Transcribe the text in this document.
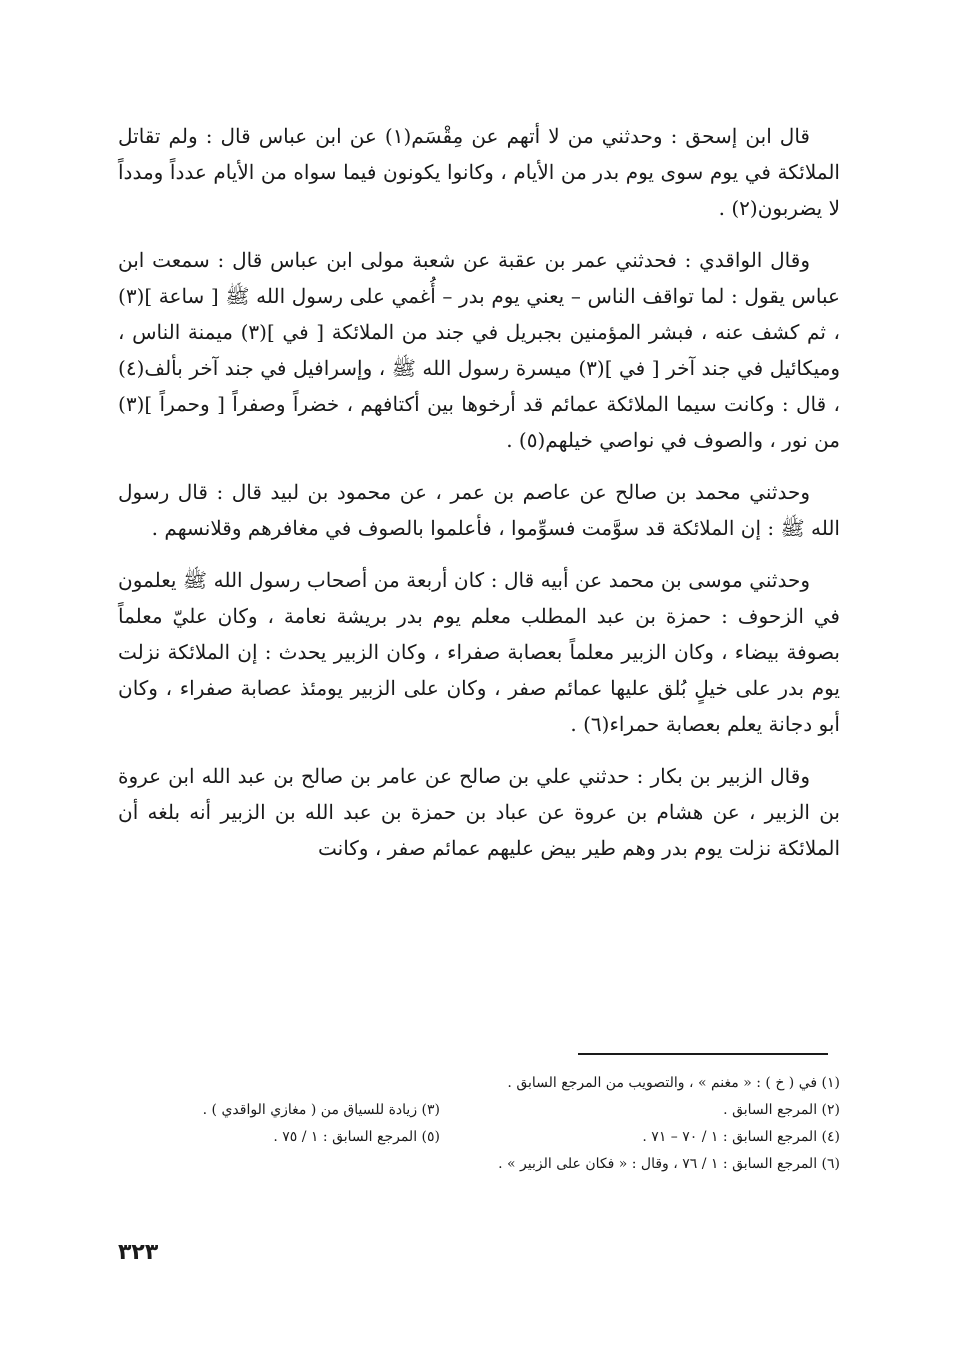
قال ابن إسحق : وحدثني من لا أتهم عن مِقْسَم(١) عن ابن عباس قال : ولم تقاتل الملائكة في يوم سوى يوم بدر من الأيام ، وكانوا يكونون فيما سواه من الأيام عدداً ومدداً لا يضربون(٢) .

وقال الواقدي : فحدثني عمر بن عقبة عن شعبة مولى ابن عباس قال : سمعت ابن عباس يقول : لما تواقف الناس – يعني يوم بدر – أُغمي على رسول الله ﷺ [ ساعة ](٣) ، ثم كشف عنه ، فبشر المؤمنين بجبريل في جند من الملائكة [ في ](٣) ميمنة الناس ، وميكائيل في جند آخر [ في ](٣) ميسرة رسول الله ﷺ ، وإسرافيل في جند آخر بألف(٤) ، قال : وكانت سيما الملائكة عمائم قد أرخوها بين أكتافهم ، خضراً وصفراً [ وحمراً ](٣) من نور ، والصوف في نواصي خيلهم(٥) .

وحدثني محمد بن صالح عن عاصم بن عمر ، عن محمود بن لبيد قال : قال رسول الله ﷺ : إن الملائكة قد سوَّمت فسوِّموا ، فأعلموا بالصوف في مغافرهم وقلانسهم .

وحدثني موسى بن محمد عن أبيه قال : كان أربعة من أصحاب رسول الله ﷺ يعلمون في الزحوف : حمزة بن عبد المطلب معلم يوم بدر بريشة نعامة ، وكان عليّ معلماً بصوفة بيضاء ، وكان الزبير معلماً بعصابة صفراء ، وكان الزبير يحدث : إن الملائكة نزلت يوم بدر على خيلٍ بُلق عليها عمائم صفر ، وكان على الزبير يومئذ عصابة صفراء ، وكان أبو دجانة يعلم بعصابة حمراء(٦) .

وقال الزبير بن بكار : حدثني علي بن صالح عن عامر بن صالح بن عبد الله ابن عروة بن الزبير ، عن هشام بن عروة عن عباد بن حمزة بن عبد الله بن الزبير أنه بلغه أن الملائكة نزلت يوم بدر وهم طير بيض عليهم عمائم صفر ، وكانت

(١) في ( خ ) : « مغنم » ، والتصويب من المرجع السابق .
(٢) المرجع السابق .
(٣) زيادة للسياق من ( مغازي الواقدي ) .
(٤) المرجع السابق : ١ / ٧٠ – ٧١ .
(٥) المرجع السابق : ١ / ٧٥ .
(٦) المرجع السابق : ١ / ٧٦ ، وقال : « فكان على الزبير » .
٣٢٣
